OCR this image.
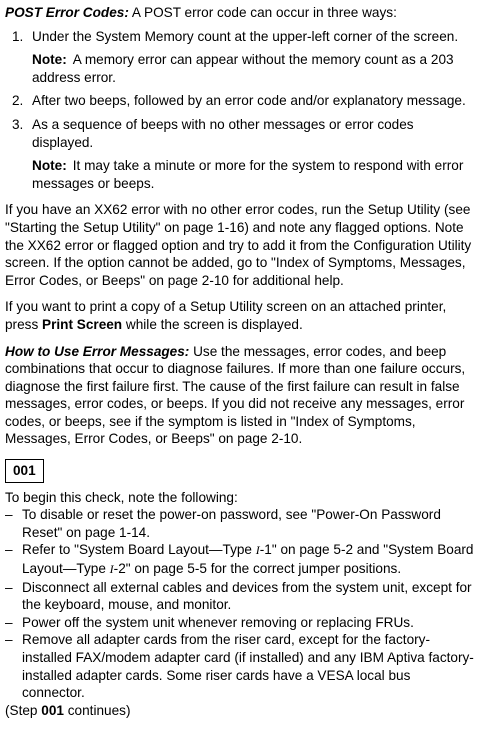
POST Error Codes: A POST error code can occur in three ways:

1. Under the System Memory count at the upper-left corner of the screen.

Note: A memory error can appear without the memory count as a 203 address error.

2. After two beeps, followed by an error code and/or explanatory message.
3. As a sequence of beeps with no other messages or error codes displayed.

Note: It may take a minute or more for the system to respond with error messages or beeps.

If you have an XX62 error with no other error codes, run the Setup Utility (see "Starting the Setup Utility" on page 1-16) and note any flagged options. Note the XX62 error or flagged option and try to add it from the Configuration Utility screen. If the option cannot be added, go to "Index of Symptoms, Messages, Error Codes, or Beeps" on page 2-10 for additional help.

If you want to print a copy of a Setup Utility screen on an attached printer, press Print Screen while the screen is displayed.

How to Use Error Messages: Use the messages, error codes, and beep combinations that occur to diagnose failures. If more than one failure occurs, diagnose the first failure first. The cause of the first failure can result in false messages, error codes, or beeps. If you did not receive any messages, error codes, or beeps, see if the symptom is listed in "Index of Symptoms, Messages, Error Codes, or Beeps" on page 2-10.

001

To begin this check, note the following:

– To disable or reset the power-on password, see "Power-On Password Reset" on page 1-14.
– Refer to "System Board Layout—Type I-1" on page 5-2 and "System Board Layout—Type I-2" on page 5-5 for the correct jumper positions.
– Disconnect all external cables and devices from the system unit, except for the keyboard, mouse, and monitor.
– Power off the system unit whenever removing or replacing FRUs.
– Remove all adapter cards from the riser card, except for the factory-installed FAX/modem adapter card (if installed) and any IBM Aptiva factory-installed adapter cards. Some riser cards have a VESA local bus connector.

(Step 001 continues)
